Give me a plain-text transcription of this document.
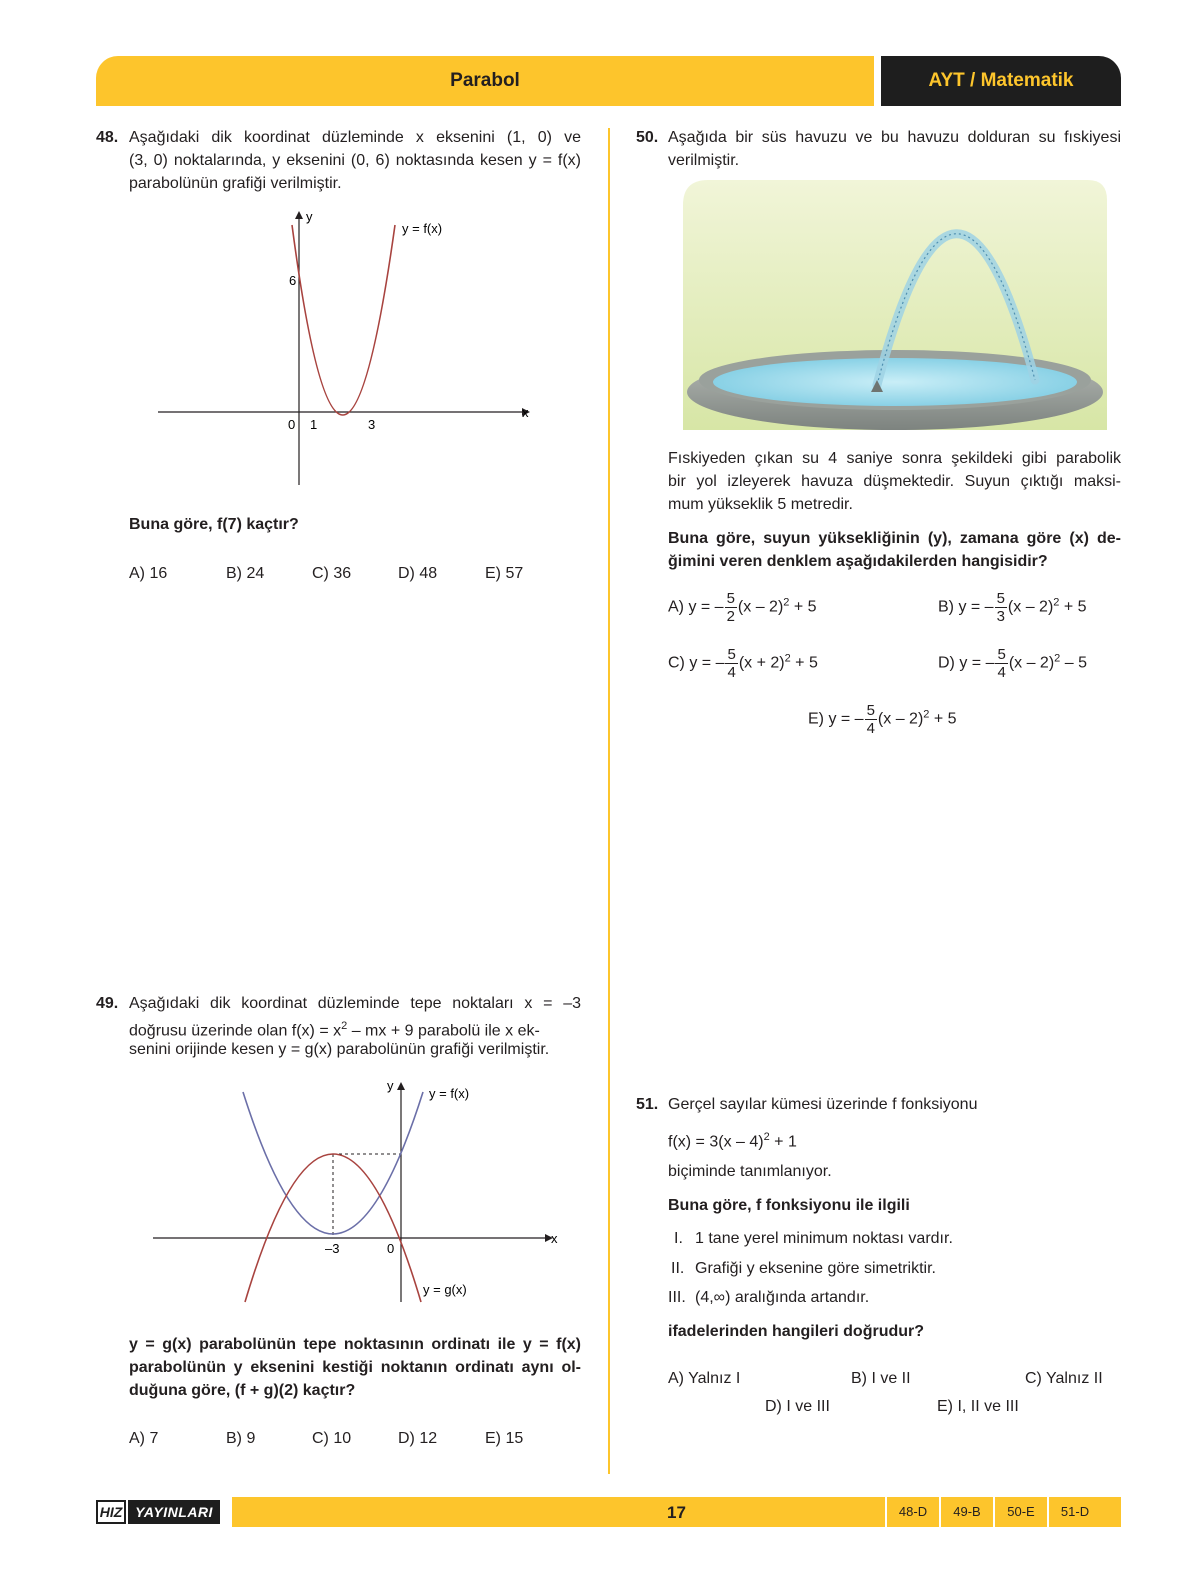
Parabol	AYT / Matematik
48. Aşağıdaki dik koordinat düzleminde x eksenini (1, 0) ve
(3, 0) noktalarında, y eksenini (0, 6) noktasında kesen y = f(x)
parabolünün grafiği verilmiştir.
y
x
6
0 1	3
y = f(x)
Buna göre, f(7) kaçtır?
A) 16	B) 24	C) 36	D) 48	E) 57
49. Aşağıdaki dik koordinat düzleminde tepe noktaları x = –3
doğrusu üzerinde olan $f(x) = x^2$ – mx + 9 parabolü ile x ek-
senini orijinde kesen y = g(x) parabolünün grafiği verilmiştir.
y
x
–3	0
y = f(x)
y = g(x)
y = g(x) parabolünün tepe noktasının ordinatı ile y = f(x)
parabolünün y eksenini kestiği noktanın ordinatı aynı ol-
duğuna göre, (f + g)(2) kaçtır?
A) 7	B) 9	C) 10	D) 12	E) 15
50. Aşağıda bir süs havuzu ve bu havuzu dolduran su fıskiyesi
verilmiştir.
Fıskiyeden çıkan su 4 saniye sonra şekildeki gibi parabolik
bir yol izleyerek havuza düşmektedir. Suyun çıktığı maksi-
mum yükseklik 5 metredir.
Buna göre, suyun yüksekliğinin (y), zamana göre (x) de-
ğimini veren denklem aşağıdakilerden hangisidir?
A) y = – $\frac{5}{2} (x - 2)^2 + 5$	B) y = – $\frac{5}{3} (x - 2)^2 + 5$
C) y = – $\frac{5}{4} (x + 2)^2 + 5$	D) y = – $\frac{5}{4} (x - 2)^2 - 5$
E) y = – $\frac{5}{4} (x - 2)^2 + 5$
51. Gerçel sayılar kümesi üzerinde f fonksiyonu
f(x) = 3(x – 4)$^2$ + 1
biçiminde tanımlanıyor.
Buna göre, f fonksiyonu ile ilgili
I. 1 tane yerel minimum noktası vardır.
II. Grafiği y eksenine göre simetriktir.
III. (4,∞) aralığında artandır.
ifadelerinden hangileri doğrudur?
A) Yalnız I	B) I ve II	C) Yalnız II
D) I ve III	E) I, II ve III
HIZ YAYINLARI	17	48-D	49-B	50-E	51-D
